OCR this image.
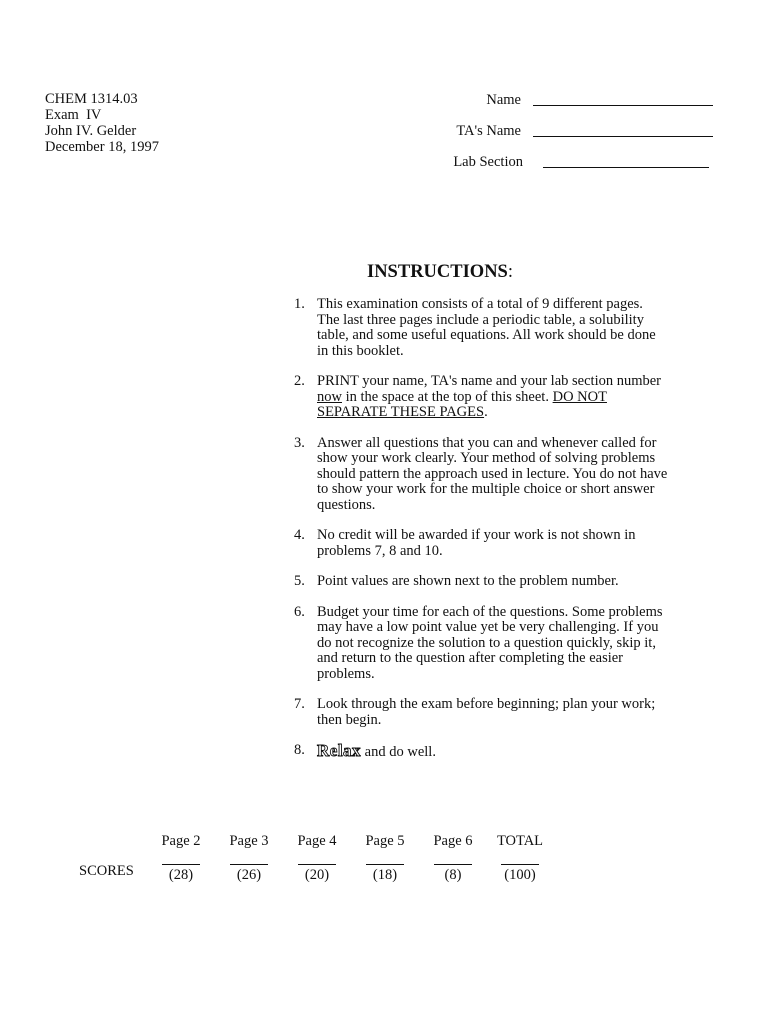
CHEM 1314.03
Exam  IV
John IV. Gelder
December 18, 1997
Name
TA's Name
Lab Section
INSTRUCTIONS:
1. This examination consists of a total of 9 different pages. The last three pages include a periodic table, a solubility table, and some useful equations. All work should be done in this booklet.
2. PRINT your name, TA's name and your lab section number now in the space at the top of this sheet. DO NOT SEPARATE THESE PAGES.
3. Answer all questions that you can and whenever called for show your work clearly. Your method of solving problems should pattern the approach used in lecture. You do not have to show your work for the multiple choice or short answer questions.
4. No credit will be awarded if your work is not shown in problems 7, 8 and 10.
5. Point values are shown next to the problem number.
6. Budget your time for each of the questions. Some problems may have a low point value yet be very challenging. If you do not recognize the solution to a question quickly, skip it, and return to the question after completing the easier problems.
7. Look through the exam before beginning; plan your work; then begin.
8. Relax and do well.
SCORES
Page 2
(28)
Page 3
(26)
Page 4
(20)
Page 5
(18)
Page 6
(8)
TOTAL
(100)
